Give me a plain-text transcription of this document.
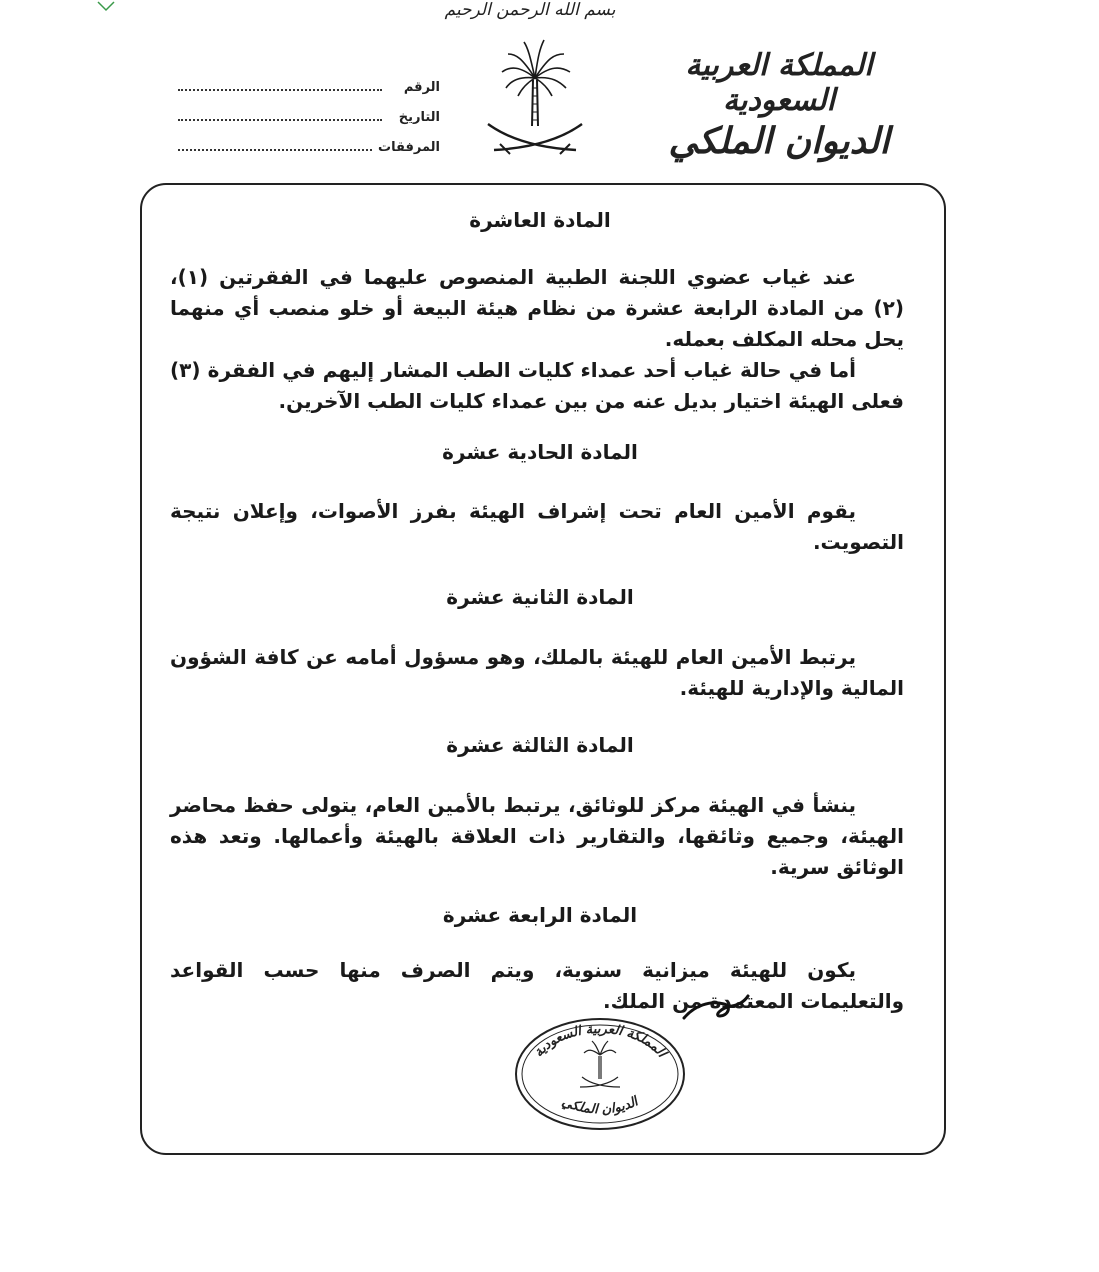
بسم الله الرحمن الرحيم
المملكة العربية السعودية
الديوان الملكي
الرقم
التاريخ
المرفقات
المادة العاشرة

عند غياب عضوي اللجنة الطبية المنصوص عليهما في الفقرتين (١)، (٢) من المادة الرابعة عشرة من نظام هيئة البيعة أو خلو منصب أي منهما يحل محله المكلف بعمله.

أما في حالة غياب أحد عمداء كليات الطب المشار إليهم في الفقرة (٣) فعلى الهيئة اختيار بديل عنه من بين عمداء كليات الطب الآخرين.

المادة الحادية عشرة

يقوم الأمين العام تحت إشراف الهيئة بفرز الأصوات، وإعلان نتيجة التصويت.

المادة الثانية عشرة

يرتبط الأمين العام للهيئة بالملك، وهو مسؤول أمامه عن كافة الشؤون المالية والإدارية للهيئة.

المادة الثالثة عشرة

ينشأ في الهيئة مركز للوثائق، يرتبط بالأمين العام، يتولى حفظ محاضر الهيئة، وجميع وثائقها، والتقارير ذات العلاقة بالهيئة وأعمالها. وتعد هذه الوثائق سرية.

المادة الرابعة عشرة

يكون للهيئة ميزانية سنوية، ويتم الصرف منها حسب القواعد والتعليمات المعتمدة من الملك.

المملكة العربية السعودية
الديوان الملكي
